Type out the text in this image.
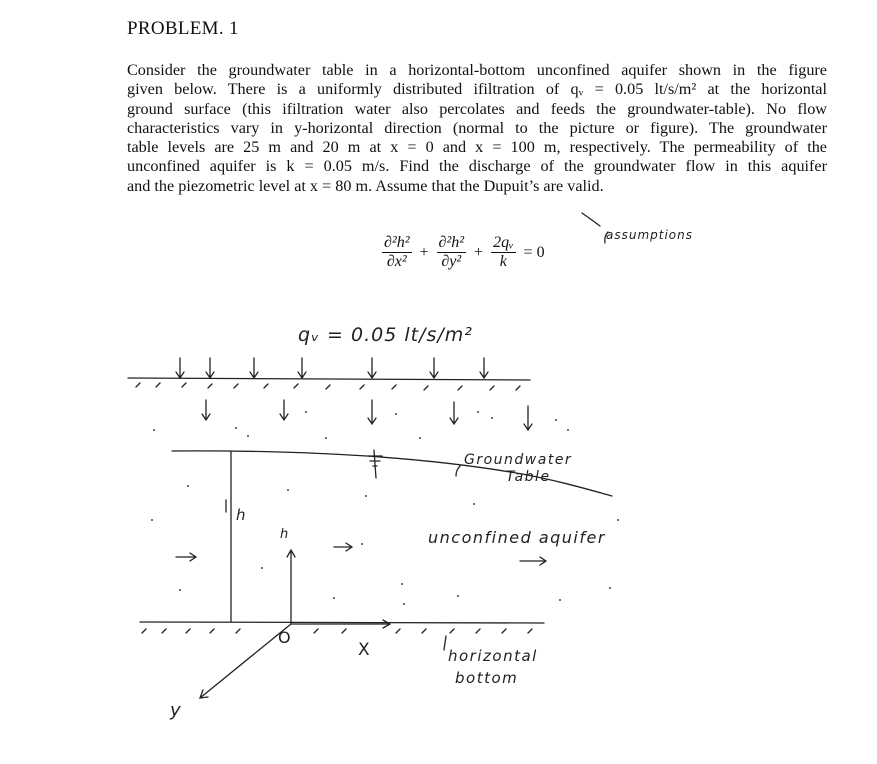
PROBLEM. 1
Consider the groundwater table in a horizontal-bottom unconfined aquifer shown in the figure
given below. There is a uniformly distributed ifiltration of qᵥ = 0.05 lt/s/m² at the horizontal
ground surface (this ifiltration water also percolates and feeds the groundwater-table). No flow
characteristics vary in y-horizontal direction (normal to the picture or figure). The groundwater
table levels are 25 m and 20 m at x = 0 and x = 100 m, respectively. The permeability of the
unconfined aquifer is k = 0.05 m/s. Find the discharge of the groundwater flow in this aquifer
and the piezometric level at x = 80 m. Assume that the Dupuit’s are valid.
$\frac{\text{∂²h²}}{\text{∂x²}} + \frac{\text{∂²h²}}{\text{∂y²}} + \frac{\text{2qᵥ}}{k} = 0$
assumptions
qᵥ = 0.05 lt/s/m²
Groundwater
Table
unconfined aquifer
horizontal
bottom
h
h
O
X
y
